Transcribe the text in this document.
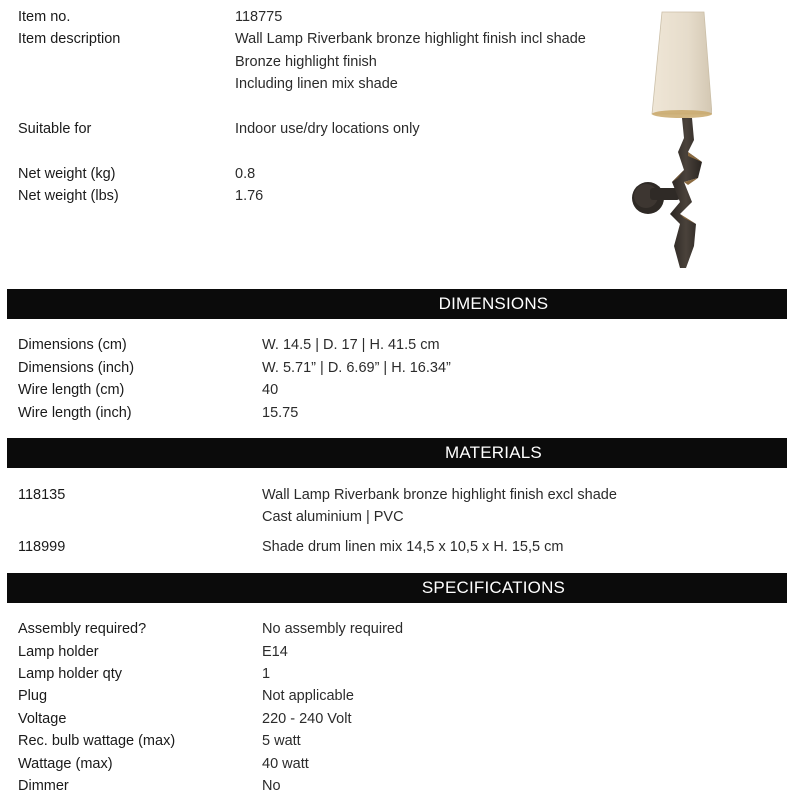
Item no.	118775
Item description	Wall Lamp Riverbank bronze highlight finish incl shade
Bronze highlight finish
Including linen mix shade
Suitable for	Indoor use/dry locations only
Net weight (kg)	0.8
Net weight (lbs)	1.76
DIMENSIONS
Dimensions (cm)	W. 14.5 | D. 17 | H. 41.5 cm
Dimensions (inch)	W. 5.71” | D. 6.69” | H. 16.34”
Wire length (cm)	40
Wire length (inch)	15.75
MATERIALS
118135	Wall Lamp Riverbank bronze highlight finish excl shade
Cast aluminium | PVC
118999	Shade drum linen mix 14,5 x 10,5 x H. 15,5 cm
SPECIFICATIONS
Assembly required?	No assembly required
Lamp holder	E14
Lamp holder qty	1
Plug	Not applicable
Voltage	220 - 240 Volt
Rec. bulb wattage (max)	5 watt
Wattage (max)	40 watt
Dimmer	No
